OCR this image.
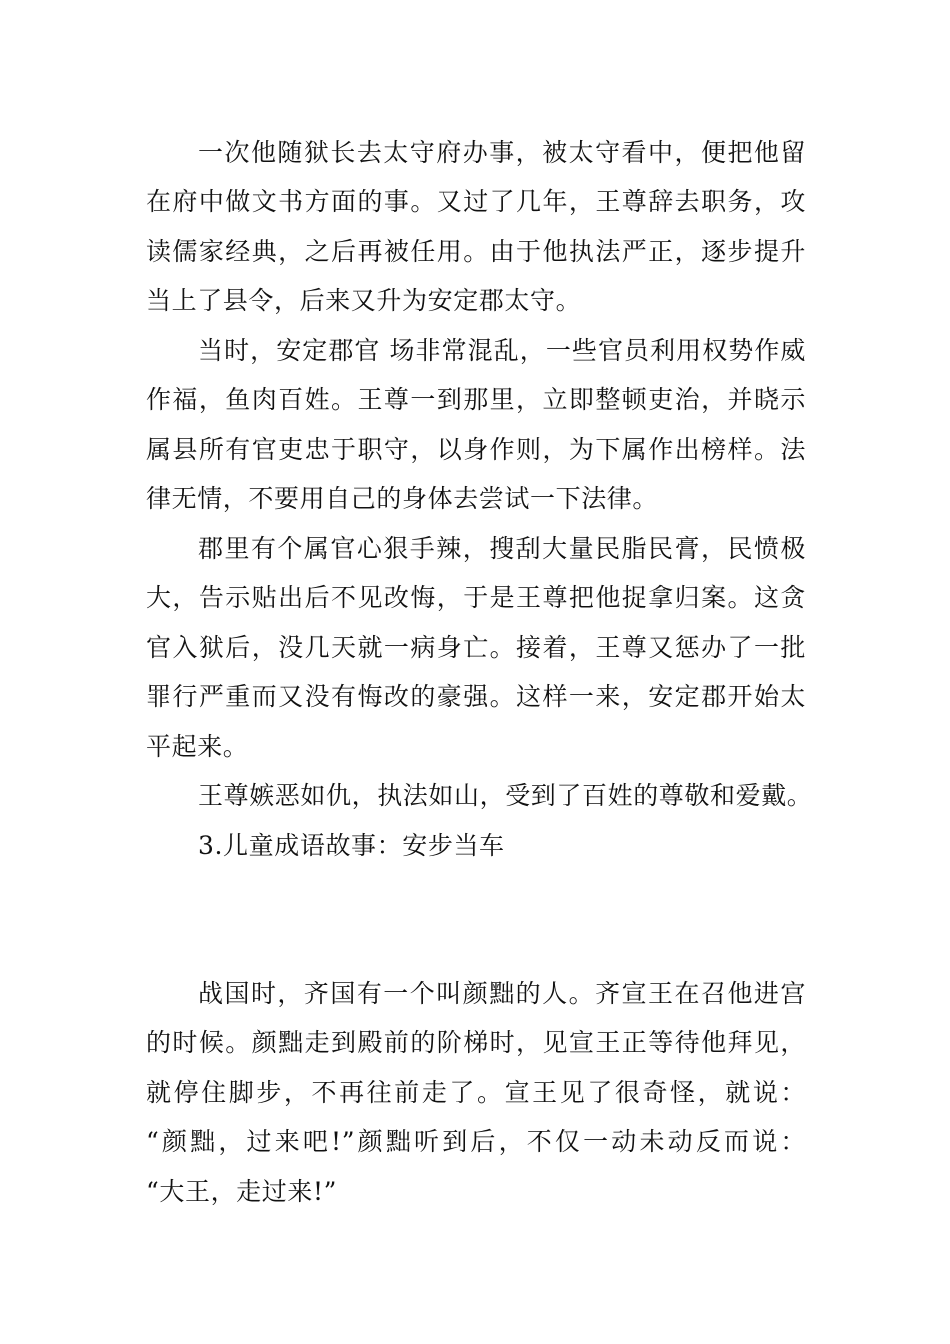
一次他随狱长去太守府办事，被太守看中，便把他留
在府中做文书方面的事。又过了几年，王尊辞去职务，攻
读儒家经典，之后再被任用。由于他执法严正，逐步提升
当上了县令，后来又升为安定郡太守。
当时，安定郡官 场非常混乱，一些官员利用权势作威
作福，鱼肉百姓。王尊一到那里，立即整顿吏治，并晓示
属县所有官吏忠于职守，以身作则，为下属作出榜样。法
律无情，不要用自己的身体去尝试一下法律。
郡里有个属官心狠手辣，搜刮大量民脂民膏，民愤极
大，告示贴出后不见改悔，于是王尊把他捉拿归案。这贪
官入狱后，没几天就一病身亡。接着，王尊又惩办了一批
罪行严重而又没有悔改的豪强。这样一来，安定郡开始太
平起来。
王尊嫉恶如仇，执法如山，受到了百姓的尊敬和爱戴。
3.儿童成语故事：安步当车
战国时，齐国有一个叫颜黜的人。齐宣王在召他进宫
的时候。颜黜走到殿前的阶梯时，见宣王正等待他拜见，
就停住脚步，不再往前走了。宣王见了很奇怪，就说：
“颜黜，过来吧!”颜黜听到后，不仅一动未动反而说：
“大王，走过来!”
